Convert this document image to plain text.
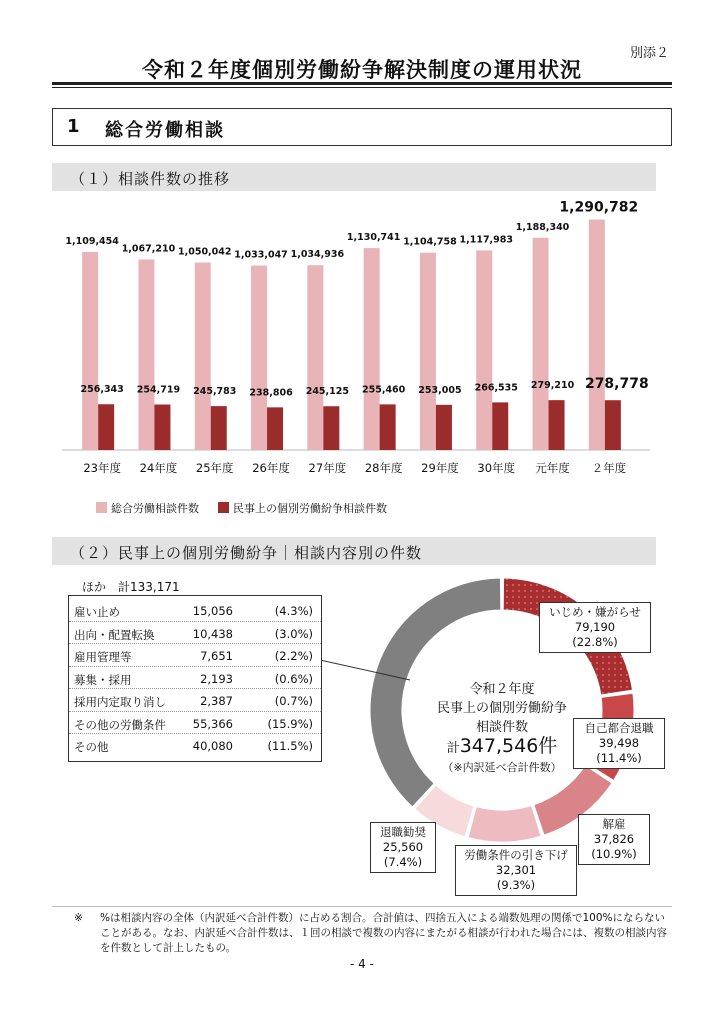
別添２
令和２年度個別労働紛争解決制度の運用状況
1 総合労働相談
（１）相談件数の推移
1,109,454
256,343
23年度
1,067,210
254,719
24年度
1,050,042
245,783
25年度
1,033,047
238,806
26年度
1,034,936
245,125
27年度
1,130,741
255,460
28年度
1,104,758
253,005
29年度
1,117,983
266,535
30年度
1,188,340
279,210
元年度
1,290,782
278,778
２年度
総合労働相談件数	民事上の個別労働紛争相談件数
（２）民事上の個別労働紛争｜相談内容別の件数
ほか　計133,171
雇い止め	15,056	(4.3%)
出向・配置転換	10,438	(3.0%)
雇用管理等	7,651	(2.2%)
募集・採用	2,193	(0.6%)
採用内定取り消し	2,387	(0.7%)
その他の労働条件 55,366	(15.9%)
その他	40,080	(11.5%)
令和２年度
民事上の個別労働紛争
相談件数
計347,546件
（※内訳延べ合計件数）
いじめ・嫌がらせ
79,190
(22.8%)
自己都合退職
39,498
(11.4%)
解雇
37,826
(10.9%)
労働条件の引き下げ
32,301
(9.3%)
退職勧奨
25,560
(7.4%)
※ %は相談内容の全体（内訳延べ合計件数）に占める割合。合計値は、四捨五入による端数処理の関係で100%にならないことがある。なお、内訳延べ合計件数は、１回の相談で複数の内容にまたがる相談が行われた場合には、複数の相談内容を件数として計上したもの。
- 4 -
